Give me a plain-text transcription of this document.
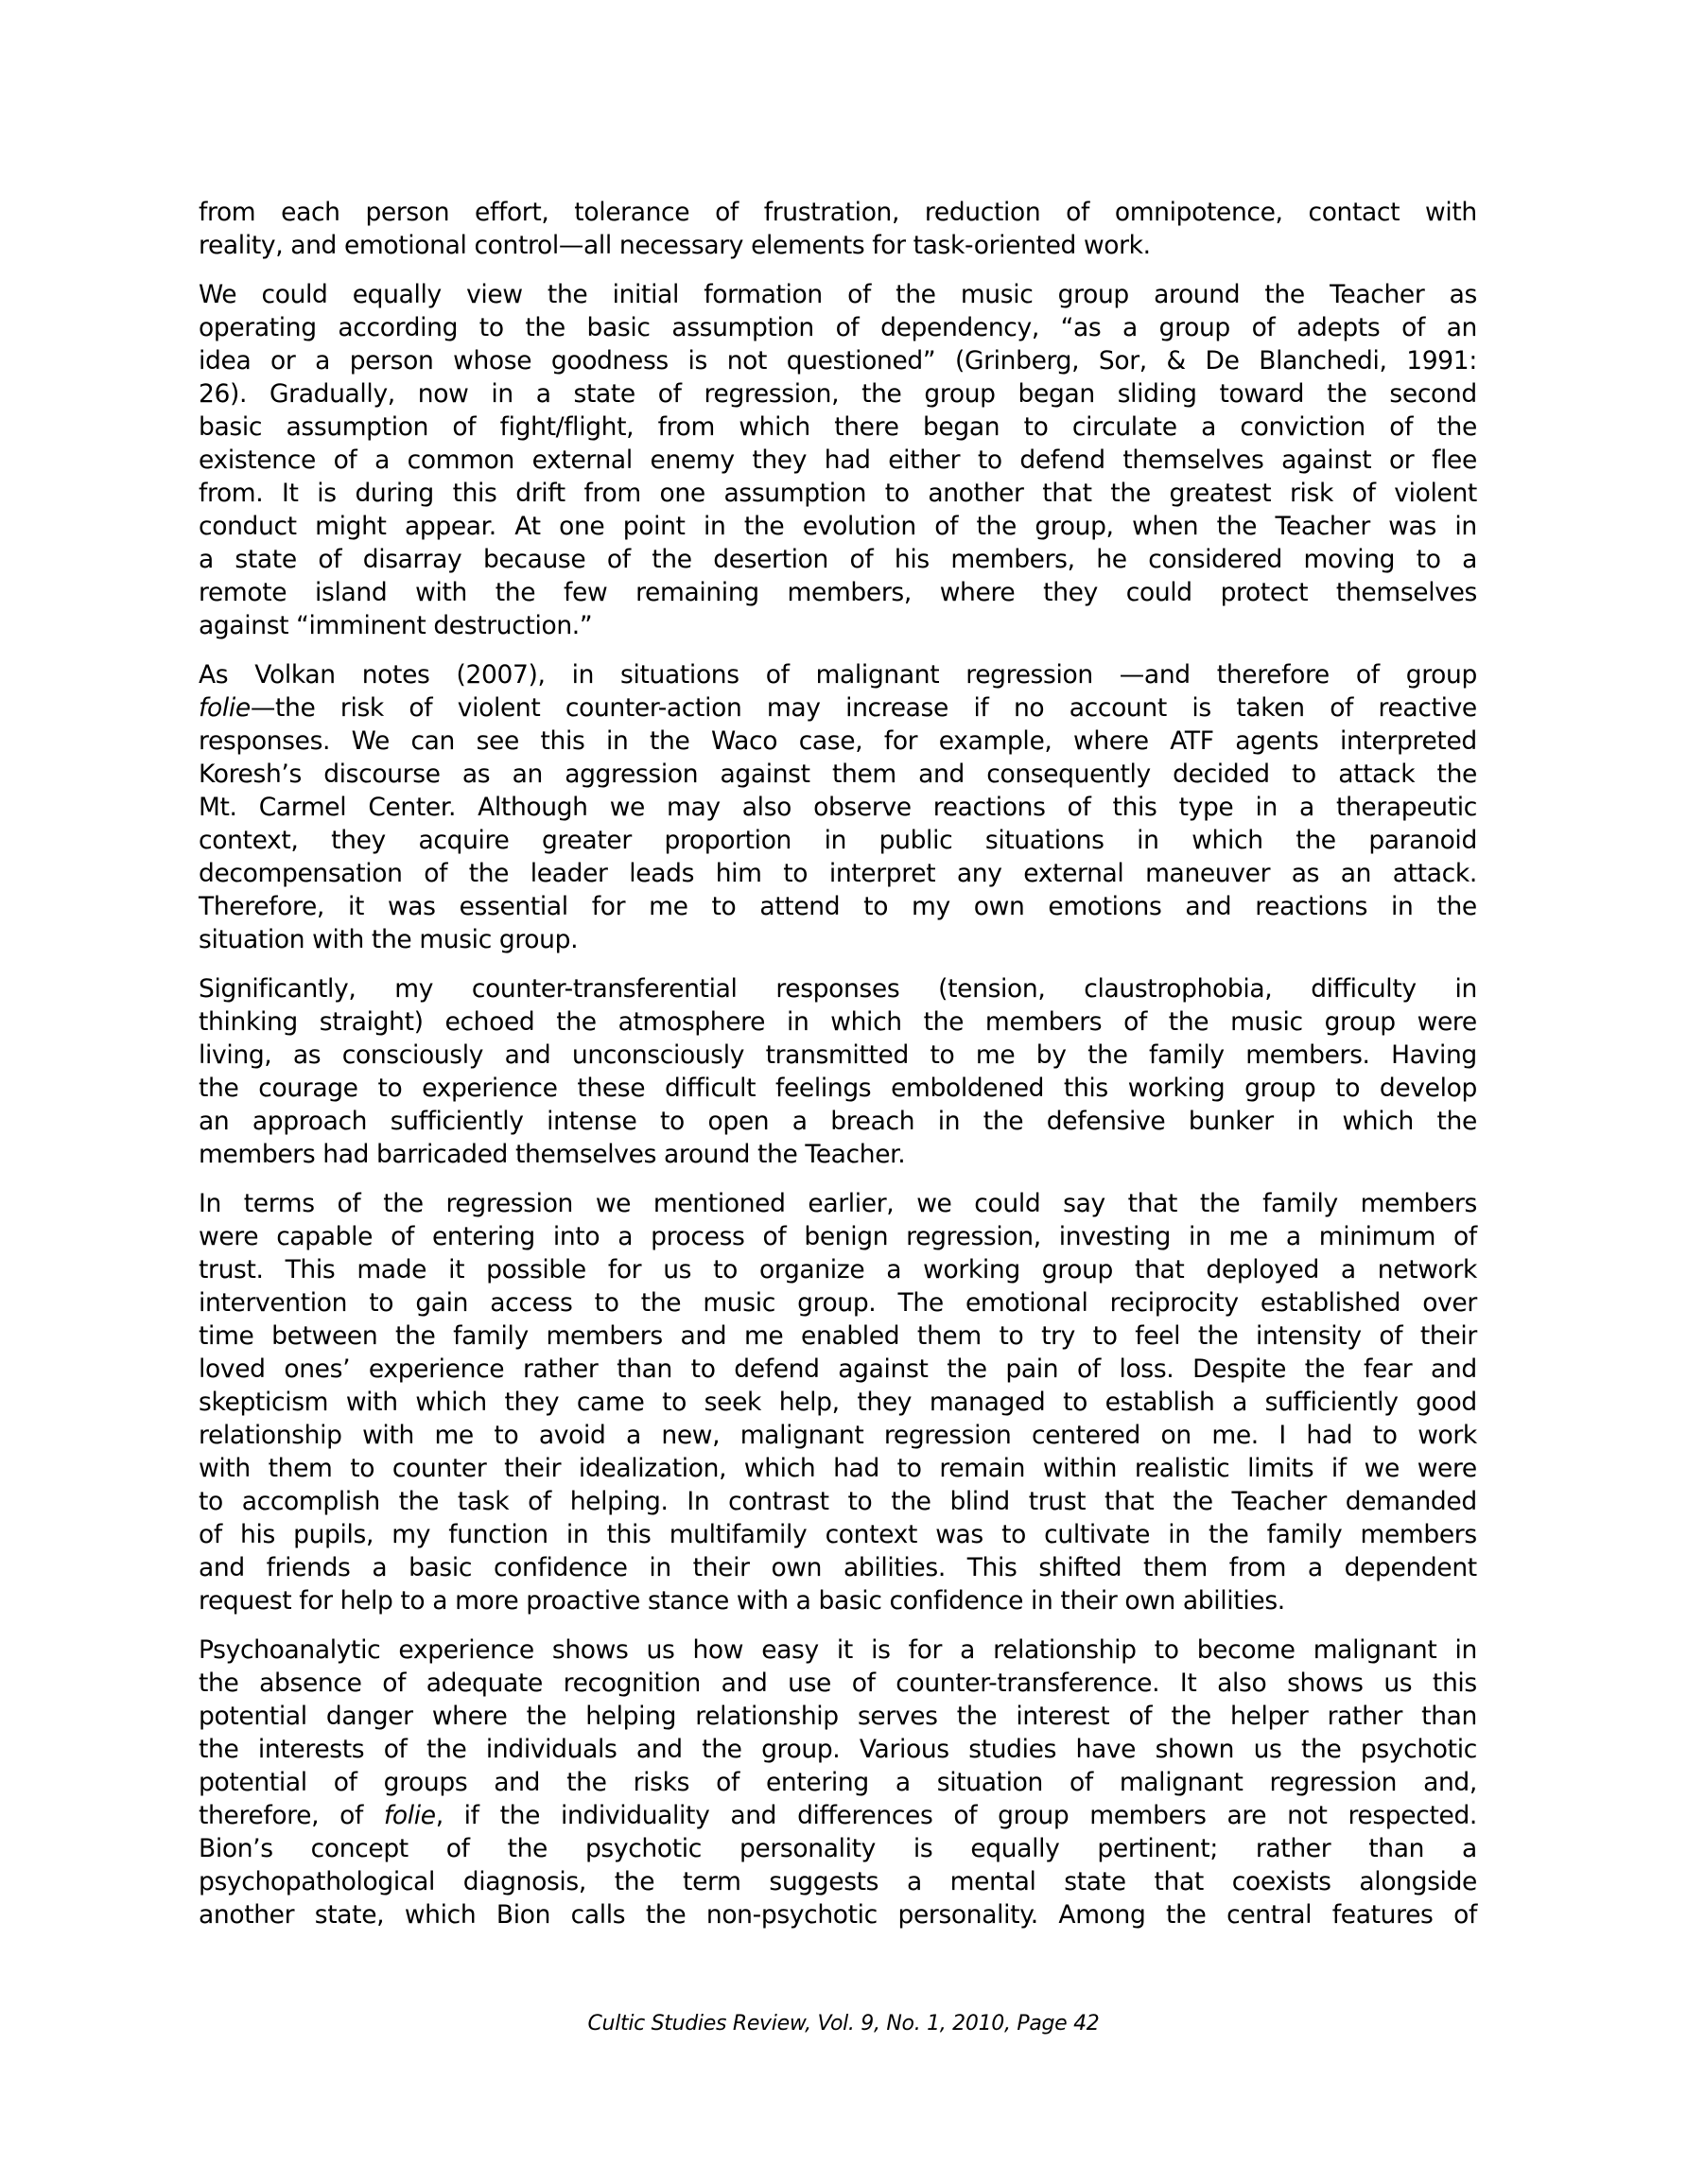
from each person effort, tolerance of frustration, reduction of omnipotence, contact with
reality, and emotional control—all necessary elements for task-oriented work.
We could equally view the initial formation of the music group around the Teacher as
operating according to the basic assumption of dependency, “as a group of adepts of an
idea or a person whose goodness is not questioned” (Grinberg, Sor, & De Blanchedi, 1991:
26). Gradually, now in a state of regression, the group began sliding toward the second
basic assumption of fight/flight, from which there began to circulate a conviction of the
existence of a common external enemy they had either to defend themselves against or flee
from. It is during this drift from one assumption to another that the greatest risk of violent
conduct might appear. At one point in the evolution of the group, when the Teacher was in
a state of disarray because of the desertion of his members, he considered moving to a
remote island with the few remaining members, where they could protect themselves
against “imminent destruction.”
As Volkan notes (2007), in situations of malignant regression —and therefore of group
folie—the risk of violent counter-action may increase if no account is taken of reactive
responses. We can see this in the Waco case, for example, where ATF agents interpreted
Koresh’s discourse as an aggression against them and consequently decided to attack the
Mt. Carmel Center. Although we may also observe reactions of this type in a therapeutic
context, they acquire greater proportion in public situations in which the paranoid
decompensation of the leader leads him to interpret any external maneuver as an attack.
Therefore, it was essential for me to attend to my own emotions and reactions in the
situation with the music group.
Significantly, my counter-transferential responses (tension, claustrophobia, difficulty in
thinking straight) echoed the atmosphere in which the members of the music group were
living, as consciously and unconsciously transmitted to me by the family members. Having
the courage to experience these difficult feelings emboldened this working group to develop
an approach sufficiently intense to open a breach in the defensive bunker in which the
members had barricaded themselves around the Teacher.
In terms of the regression we mentioned earlier, we could say that the family members
were capable of entering into a process of benign regression, investing in me a minimum of
trust. This made it possible for us to organize a working group that deployed a network
intervention to gain access to the music group. The emotional reciprocity established over
time between the family members and me enabled them to try to feel the intensity of their
loved ones’ experience rather than to defend against the pain of loss. Despite the fear and
skepticism with which they came to seek help, they managed to establish a sufficiently good
relationship with me to avoid a new, malignant regression centered on me. I had to work
with them to counter their idealization, which had to remain within realistic limits if we were
to accomplish the task of helping. In contrast to the blind trust that the Teacher demanded
of his pupils, my function in this multifamily context was to cultivate in the family members
and friends a basic confidence in their own abilities. This shifted them from a dependent
request for help to a more proactive stance with a basic confidence in their own abilities.
Psychoanalytic experience shows us how easy it is for a relationship to become malignant in
the absence of adequate recognition and use of counter-transference. It also shows us this
potential danger where the helping relationship serves the interest of the helper rather than
the interests of the individuals and the group. Various studies have shown us the psychotic
potential of groups and the risks of entering a situation of malignant regression and,
therefore, of folie, if the individuality and differences of group members are not respected.
Bion’s concept of the psychotic personality is equally pertinent; rather than a
psychopathological diagnosis, the term suggests a mental state that coexists alongside
another state, which Bion calls the non-psychotic personality. Among the central features of
Cultic Studies Review, Vol. 9, No. 1, 2010, Page 42
